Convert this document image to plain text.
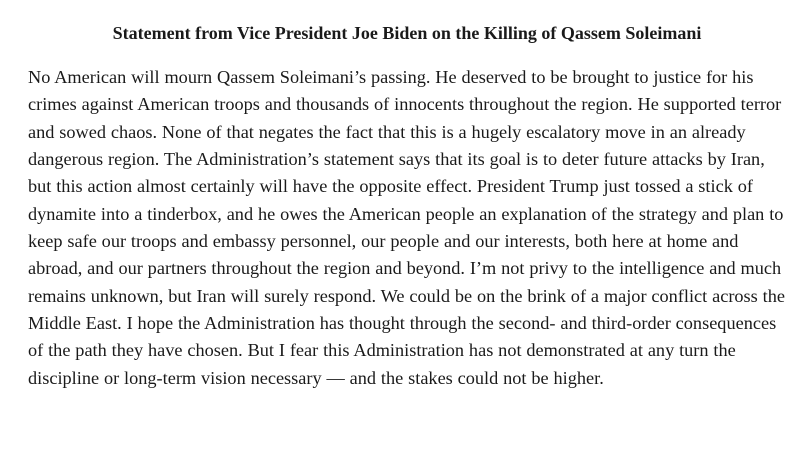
Statement from Vice President Joe Biden on the Killing of Qassem Soleimani

No American will mourn Qassem Soleimani’s passing. He deserved to be brought to justice for his crimes against American troops and thousands of innocents throughout the region. He supported terror and sowed chaos. None of that negates the fact that this is a hugely escalatory move in an already dangerous region. The Administration’s statement says that its goal is to deter future attacks by Iran, but this action almost certainly will have the opposite effect. President Trump just tossed a stick of dynamite into a tinderbox, and he owes the American people an explanation of the strategy and plan to keep safe our troops and embassy personnel, our people and our interests, both here at home and abroad, and our partners throughout the region and beyond. I’m not privy to the intelligence and much remains unknown, but Iran will surely respond. We could be on the brink of a major conflict across the Middle East. I hope the Administration has thought through the second- and third-order consequences of the path they have chosen. But I fear this Administration has not demonstrated at any turn the discipline or long-term vision necessary — and the stakes could not be higher.
